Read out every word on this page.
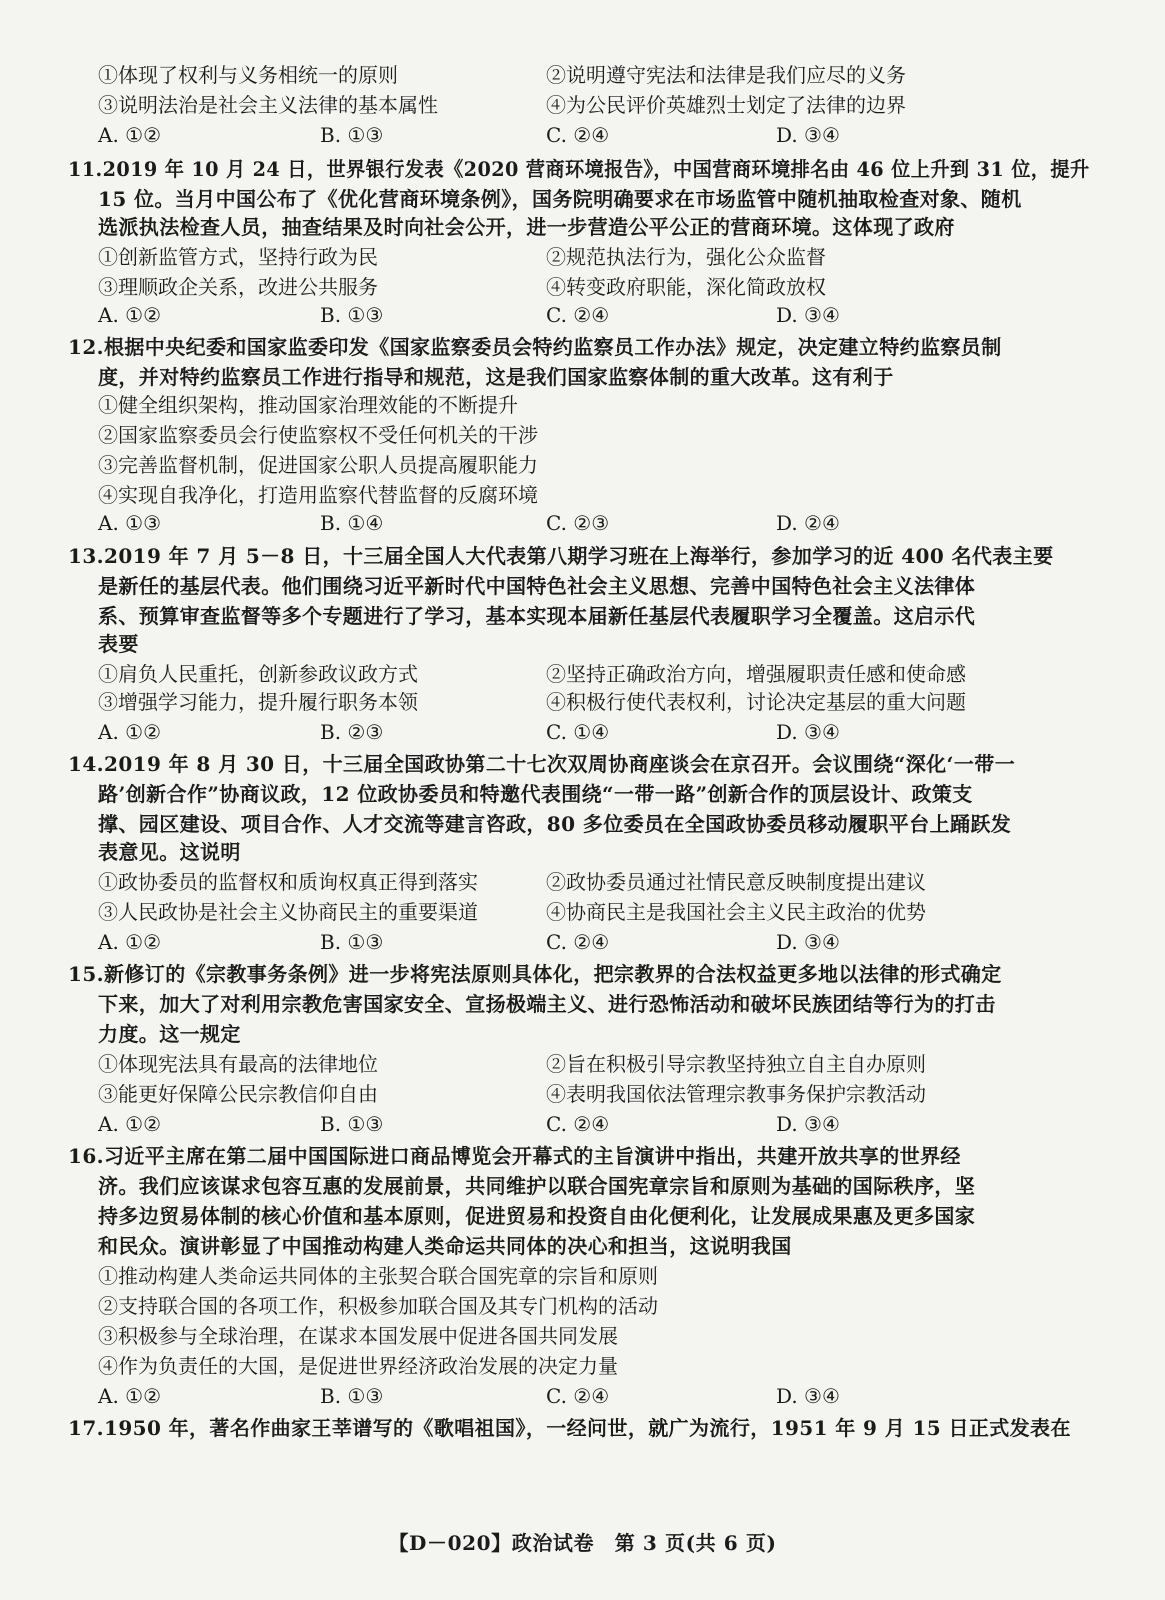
①体现了权利与义务相统一的原则	②说明遵守宪法和法律是我们应尽的义务
③说明法治是社会主义法律的基本属性	④为公民评价英雄烈士划定了法律的边界
A. ①②	B. ①③	C. ②④	D. ③④
11.2019 年 10 月 24 日，世界银行发表《2020 营商环境报告》，中国营商环境排名由 46 位上升到 31 位，提升
15 位。当月中国公布了《优化营商环境条例》，国务院明确要求在市场监管中随机抽取检查对象、随机
选派执法检查人员，抽查结果及时向社会公开，进一步营造公平公正的营商环境。这体现了政府
①创新监管方式，坚持行政为民	②规范执法行为，强化公众监督
③理顺政企关系，改进公共服务	④转变政府职能，深化简政放权
A. ①②	B. ①③	C. ②④	D. ③④
12.根据中央纪委和国家监委印发《国家监察委员会特约监察员工作办法》规定，决定建立特约监察员制
度，并对特约监察员工作进行指导和规范，这是我们国家监察体制的重大改革。这有利于
①健全组织架构，推动国家治理效能的不断提升
②国家监察委员会行使监察权不受任何机关的干涉
③完善监督机制，促进国家公职人员提高履职能力
④实现自我净化，打造用监察代替监督的反腐环境
A. ①③	B. ①④	C. ②③	D. ②④
13.2019 年 7 月 5－8 日，十三届全国人大代表第八期学习班在上海举行，参加学习的近 400 名代表主要
是新任的基层代表。他们围绕习近平新时代中国特色社会主义思想、完善中国特色社会主义法律体
系、预算审查监督等多个专题进行了学习，基本实现本届新任基层代表履职学习全覆盖。这启示代
表要
①肩负人民重托，创新参政议政方式	②坚持正确政治方向，增强履职责任感和使命感
③增强学习能力，提升履行职务本领	④积极行使代表权利，讨论决定基层的重大问题
A. ①②	B. ②③	C. ①④	D. ③④
14.2019 年 8 月 30 日，十三届全国政协第二十七次双周协商座谈会在京召开。会议围绕“深化‘一带一
路’创新合作”协商议政，12 位政协委员和特邀代表围绕“一带一路”创新合作的顶层设计、政策支
撑、园区建设、项目合作、人才交流等建言咨政，80 多位委员在全国政协委员移动履职平台上踊跃发
表意见。这说明
①政协委员的监督权和质询权真正得到落实	②政协委员通过社情民意反映制度提出建议
③人民政协是社会主义协商民主的重要渠道	④协商民主是我国社会主义民主政治的优势
A. ①②	B. ①③	C. ②④	D. ③④
15.新修订的《宗教事务条例》进一步将宪法原则具体化，把宗教界的合法权益更多地以法律的形式确定
下来，加大了对利用宗教危害国家安全、宣扬极端主义、进行恐怖活动和破坏民族团结等行为的打击
力度。这一规定
①体现宪法具有最高的法律地位	②旨在积极引导宗教坚持独立自主自办原则
③能更好保障公民宗教信仰自由	④表明我国依法管理宗教事务保护宗教活动
A. ①②	B. ①③	C. ②④	D. ③④
16.习近平主席在第二届中国国际进口商品博览会开幕式的主旨演讲中指出，共建开放共享的世界经
济。我们应该谋求包容互惠的发展前景，共同维护以联合国宪章宗旨和原则为基础的国际秩序，坚
持多边贸易体制的核心价值和基本原则，促进贸易和投资自由化便利化，让发展成果惠及更多国家
和民众。演讲彰显了中国推动构建人类命运共同体的决心和担当，这说明我国
①推动构建人类命运共同体的主张契合联合国宪章的宗旨和原则
②支持联合国的各项工作，积极参加联合国及其专门机构的活动
③积极参与全球治理，在谋求本国发展中促进各国共同发展
④作为负责任的大国，是促进世界经济政治发展的决定力量
A. ①②	B. ①③	C. ②④	D. ③④
17.1950 年，著名作曲家王莘谱写的《歌唱祖国》，一经问世，就广为流行，1951 年 9 月 15 日正式发表在
【D－020】政治试卷　第 3 页(共 6 页)
